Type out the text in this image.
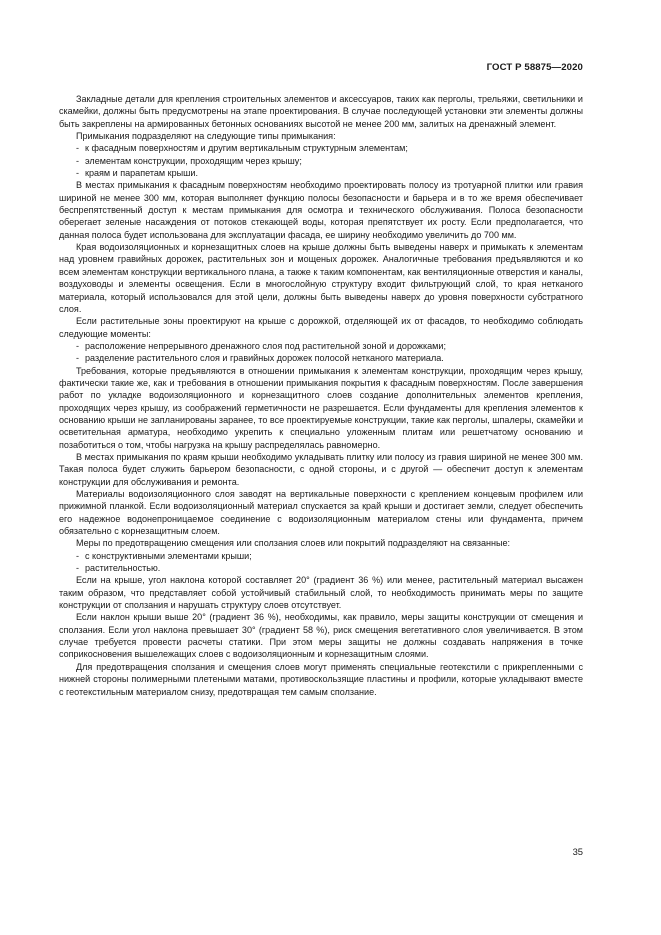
ГОСТ Р 58875—2020

Закладные детали для крепления строительных элементов и аксессуаров, таких как перголы, трельяжи, светильники и скамейки, должны быть предусмотрены на этапе проектирования. В случае последующей установки эти элементы должны быть закреплены на армированных бетонных основаниях высотой не менее 200 мм, залитых на дренажный элемент.

Примыкания подразделяют на следующие типы примыкания:

- к фасадным поверхностям и другим вертикальным структурным элементам;
- элементам конструкции, проходящим через крышу;
- краям и парапетам крыши.

В местах примыкания к фасадным поверхностям необходимо проектировать полосу из тротуарной плитки или гравия шириной не менее 300 мм, которая выполняет функцию полосы безопасности и барьера и в то же время обеспечивает беспрепятственный доступ к местам примыкания для осмотра и технического обслуживания. Полоса безопасности оберегает зеленые насаждения от потоков стекающей воды, которая препятствует их росту. Если предполагается, что данная полоса будет использована для эксплуатации фасада, ее ширину необходимо увеличить до 700 мм.

Края водоизоляционных и корнезащитных слоев на крыше должны быть выведены наверх и примыкать к элементам над уровнем гравийных дорожек, растительных зон и мощеных дорожек. Аналогичные требования предъявляются и ко всем элементам конструкции вертикального плана, а также к таким компонентам, как вентиляционные отверстия и каналы, воздуховоды и элементы освещения. Если в многослойную структуру входит фильтрующий слой, то края нетканого материала, который использовался для этой цели, должны быть выведены наверх до уровня поверхности субстратного слоя.

Если растительные зоны проектируют на крыше с дорожкой, отделяющей их от фасадов, то необходимо соблюдать следующие моменты:

- расположение непрерывного дренажного слоя под растительной зоной и дорожками;
- разделение растительного слоя и гравийных дорожек полосой нетканого материала.

Требования, которые предъявляются в отношении примыкания к элементам конструкции, проходящим через крышу, фактически такие же, как и требования в отношении примыкания покрытия к фасадным поверхностям. После завершения работ по укладке водоизоляционного и корнезащитного слоев создание дополнительных элементов крепления, проходящих через крышу, из соображений герметичности не разрешается. Если фундаменты для крепления элементов к основанию крыши не запланированы заранее, то все проектируемые конструкции, такие как перголы, шпалеры, скамейки и осветительная арматура, необходимо укрепить к специально уложенным плитам или решетчатому основанию и позаботиться о том, чтобы нагрузка на крышу распределялась равномерно.

В местах примыкания по краям крыши необходимо укладывать плитку или полосу из гравия шириной не менее 300 мм. Такая полоса будет служить барьером безопасности, с одной стороны, и с другой — обеспечит доступ к элементам конструкции для обслуживания и ремонта.

Материалы водоизоляционного слоя заводят на вертикальные поверхности с креплением концевым профилем или прижимной планкой. Если водоизоляционный материал спускается за край крыши и достигает земли, следует обеспечить его надежное водонепроницаемое соединение с водоизоляционным материалом стены или фундамента, причем обязательно с корнезащитным слоем.

Меры по предотвращению смещения или сползания слоев или покрытий подразделяют на связанные:

- с конструктивными элементами крыши;
- растительностью.

Если на крыше, угол наклона которой составляет 20° (градиент 36 %) или менее, растительный материал высажен таким образом, что представляет собой устойчивый стабильный слой, то необходимость принимать меры по защите конструкции от сползания и нарушать структуру слоев отсутствует.

Если наклон крыши выше 20° (градиент 36 %), необходимы, как правило, меры защиты конструкции от смещения и сползания. Если угол наклона превышает 30° (градиент 58 %), риск смещения вегетативного слоя увеличивается. В этом случае требуется провести расчеты статики. При этом меры защиты не должны создавать напряжения в точке соприкосновения вышележащих слоев с водоизоляционным и корнезащитным слоями.

Для предотвращения сползания и смещения слоев могут применять специальные геотекстили с прикрепленными с нижней стороны полимерными плетеными матами, противоскользящие пластины и профили, которые укладывают вместе с геотекстильным материалом снизу, предотвращая тем самым сползание.

35
